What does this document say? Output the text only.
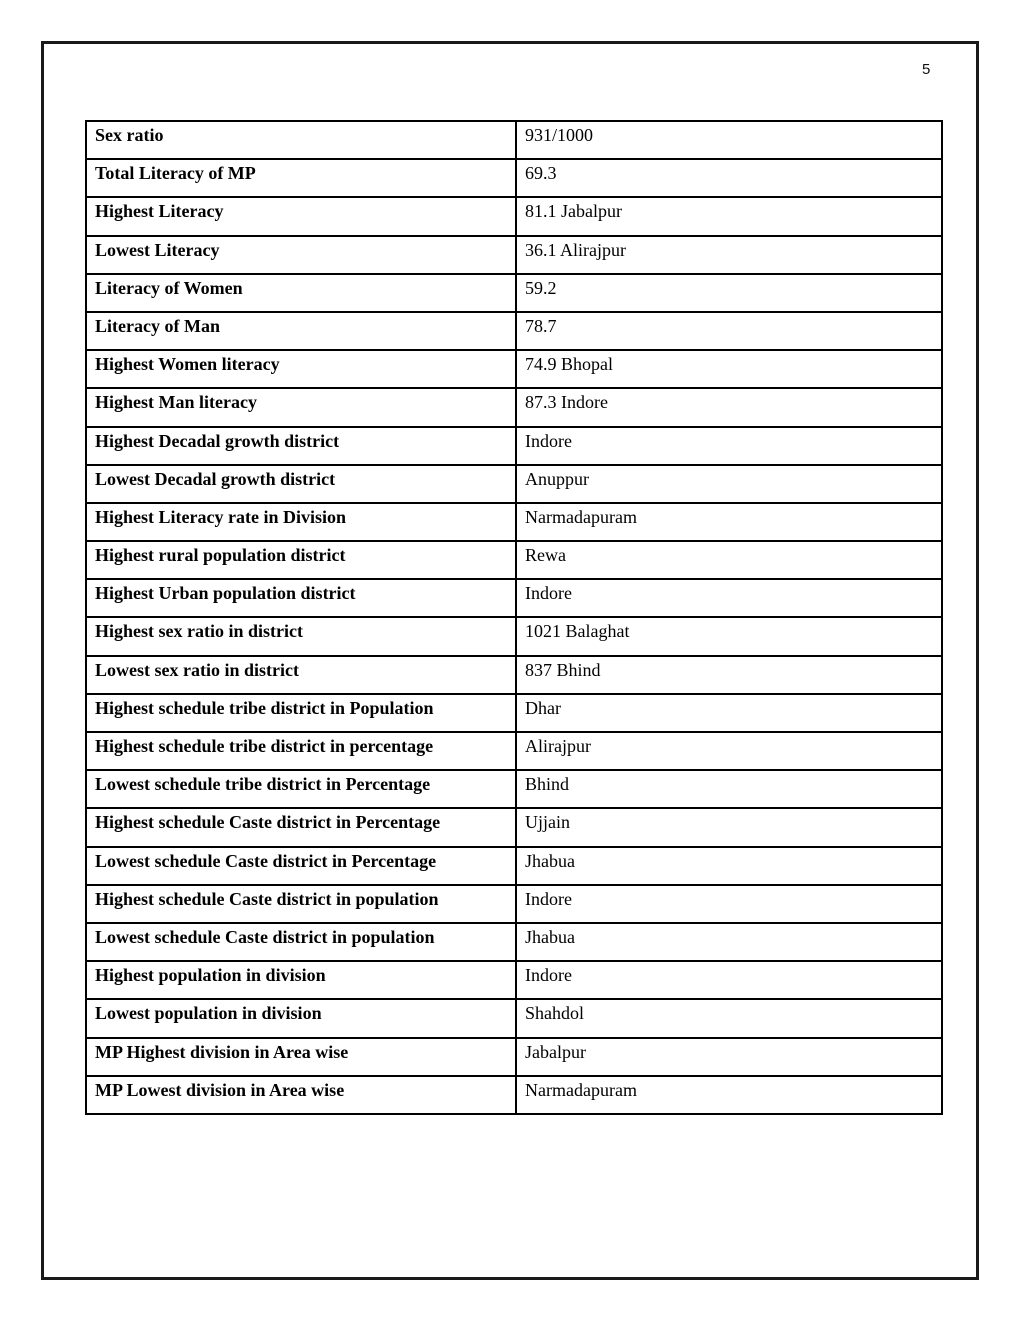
5
Sex ratio	931/1000
Total Literacy of MP	69.3
Highest Literacy	81.1 Jabalpur
Lowest Literacy	36.1 Alirajpur
Literacy of Women	59.2
Literacy of Man	78.7
Highest Women literacy	74.9 Bhopal
Highest Man literacy	87.3 Indore
Highest Decadal growth district	Indore
Lowest Decadal growth district	Anuppur
Highest Literacy rate in Division	Narmadapuram
Highest rural population district	Rewa
Highest Urban population district	Indore
Highest sex ratio in district	1021 Balaghat
Lowest sex ratio in district	837 Bhind
Highest schedule tribe district in Population	Dhar
Highest schedule tribe district in percentage	Alirajpur
Lowest schedule tribe district in Percentage	Bhind
Highest schedule Caste district in Percentage	Ujjain
Lowest schedule Caste district in Percentage	Jhabua
Highest schedule Caste district in population	Indore
Lowest schedule Caste district in population	Jhabua
Highest population in division	Indore
Lowest population in division	Shahdol
MP Highest division in Area wise	Jabalpur
MP Lowest division in Area wise	Narmadapuram
